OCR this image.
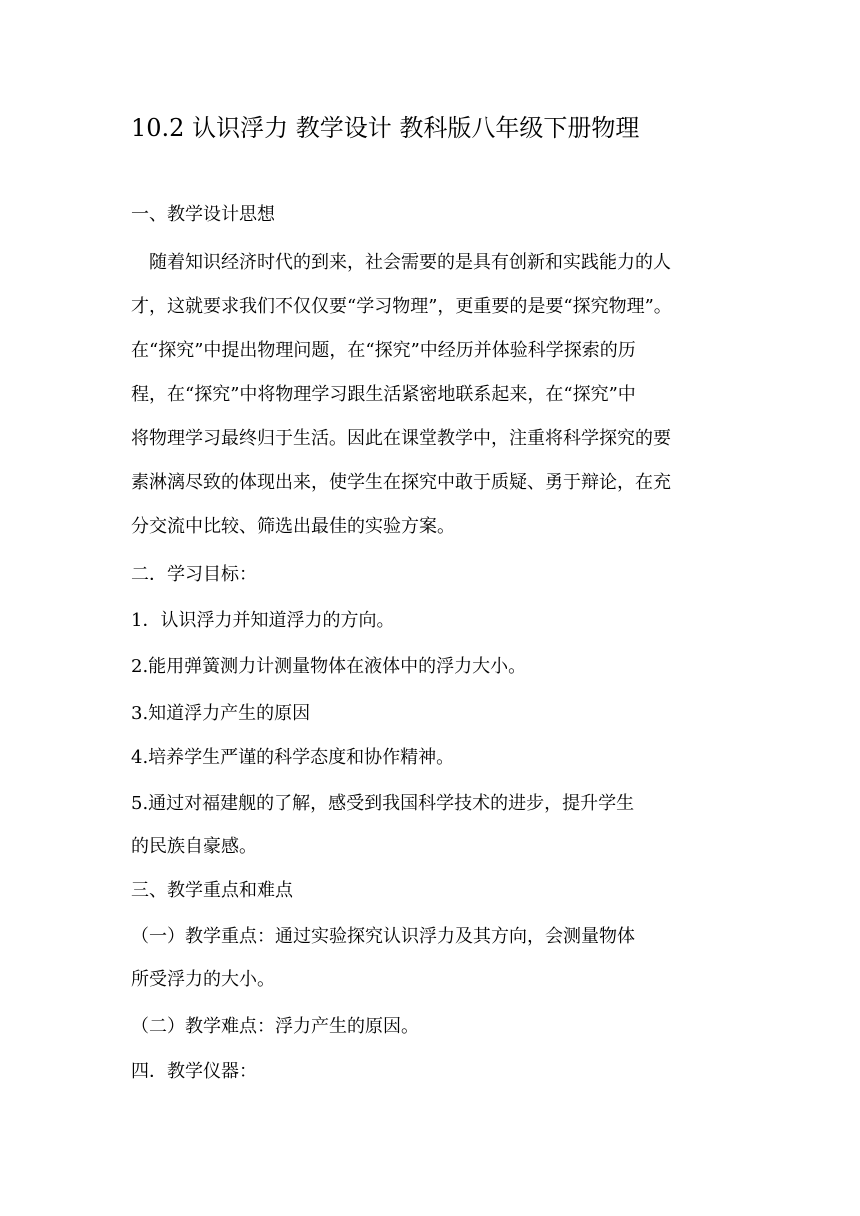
10.2 认识浮力 教学设计 教科版八年级下册物理
一、教学设计思想
随着知识经济时代的到来，社会需要的是具有创新和实践能力的人
才，这就要求我们不仅仅要“学习物理”，更重要的是要“探究物理”。
在“探究”中提出物理问题，在“探究”中经历并体验科学探索的历
程，在“探究”中将物理学习跟生活紧密地联系起来，在“探究”中
将物理学习最终归于生活。因此在课堂教学中，注重将科学探究的要
素淋漓尽致的体现出来，使学生在探究中敢于质疑、勇于辩论，在充
分交流中比较、筛选出最佳的实验方案。
二．学习目标：
1．认识浮力并知道浮力的方向。
2.能用弹簧测力计测量物体在液体中的浮力大小。
3.知道浮力产生的原因
4.培养学生严谨的科学态度和协作精神。
5.通过对福建舰的了解，感受到我国科学技术的进步，提升学生
的民族自豪感。
三、教学重点和难点
（一）教学重点：通过实验探究认识浮力及其方向，会测量物体
所受浮力的大小。
（二）教学难点：浮力产生的原因。
四．教学仪器：
